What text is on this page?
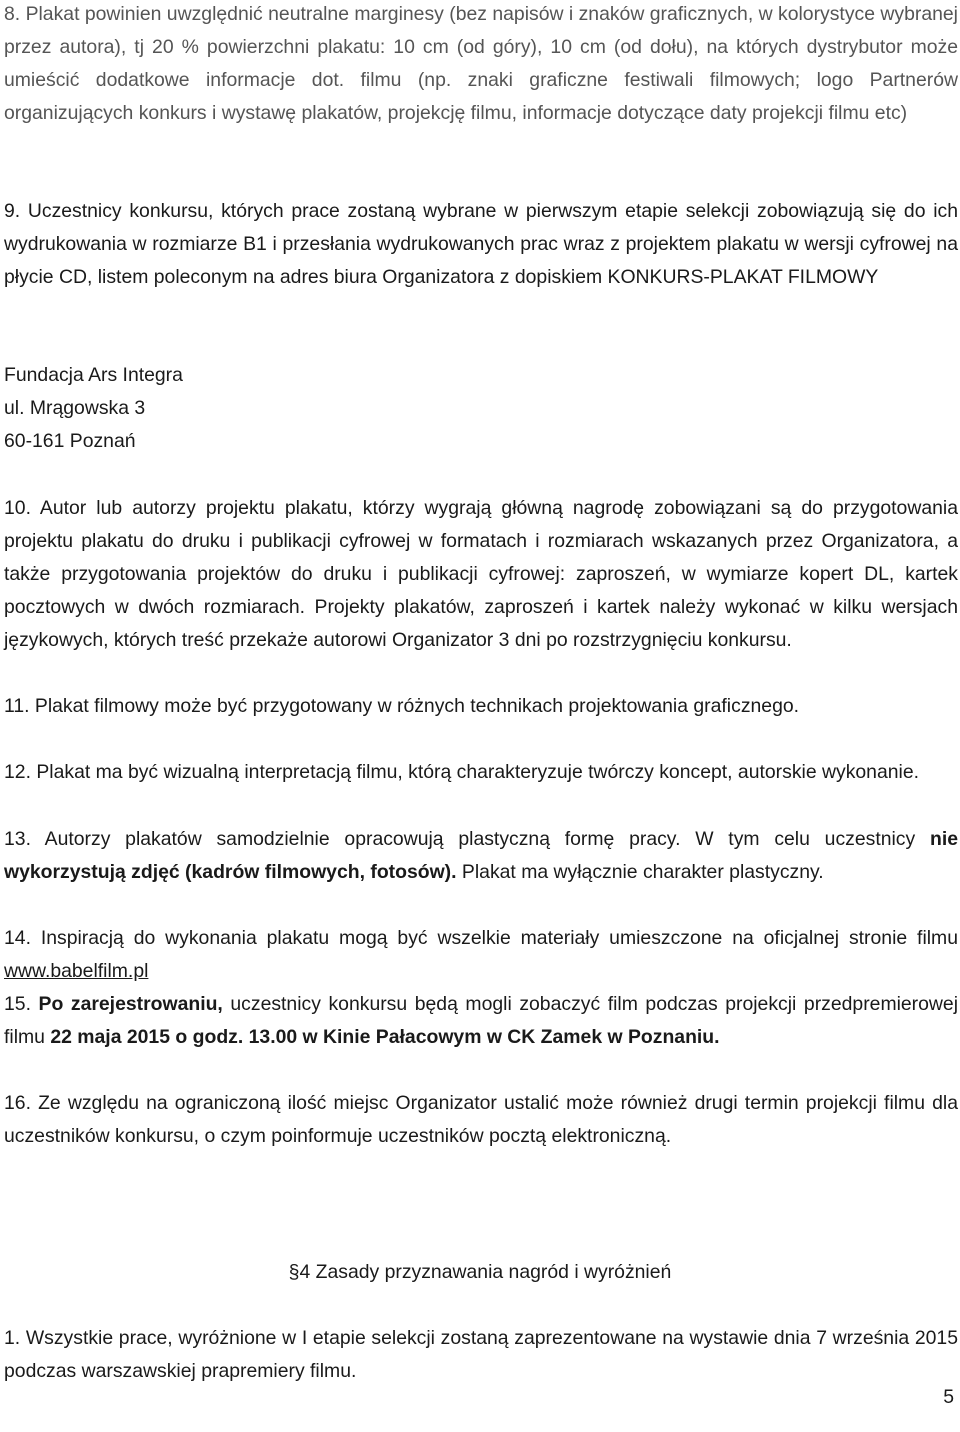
8. Plakat powinien uwzględnić neutralne marginesy (bez napisów i znaków graficznych, w kolorystyce wybranej przez autora), tj 20 % powierzchni plakatu: 10 cm (od góry), 10 cm (od dołu), na których dystrybutor może umieścić dodatkowe informacje dot. filmu (np. znaki graficzne festiwali filmowych; logo Partnerów organizujących konkurs i wystawę plakatów, projekcję filmu, informacje dotyczące daty projekcji filmu etc)
9. Uczestnicy konkursu, których prace zostaną wybrane w pierwszym etapie selekcji zobowiązują się do ich wydrukowania w rozmiarze B1 i przesłania wydrukowanych prac wraz z projektem plakatu w wersji cyfrowej na płycie CD, listem poleconym na adres biura Organizatora z dopiskiem KONKURS-PLAKAT FILMOWY
Fundacja Ars Integra
ul. Mrągowska 3
60-161 Poznań
10. Autor lub autorzy projektu plakatu, którzy wygrają główną nagrodę zobowiązani są do przygotowania projektu plakatu do druku i publikacji cyfrowej w formatach i rozmiarach wskazanych przez Organizatora, a także przygotowania projektów do druku i publikacji cyfrowej: zaproszeń, w wymiarze kopert DL, kartek pocztowych w dwóch rozmiarach. Projekty plakatów, zaproszeń i kartek należy wykonać w kilku wersjach językowych, których treść przekaże autorowi Organizator 3 dni po rozstrzygnięciu konkursu.
11. Plakat filmowy może być przygotowany w różnych technikach projektowania graficznego.
12. Plakat ma być wizualną interpretacją filmu, którą charakteryzuje twórczy koncept, autorskie wykonanie.
13. Autorzy plakatów samodzielnie opracowują plastyczną formę pracy. W tym celu uczestnicy nie wykorzystują zdjęć (kadrów filmowych, fotosów). Plakat ma wyłącznie charakter plastyczny.
14. Inspiracją do wykonania plakatu mogą być wszelkie materiały umieszczone na oficjalnej stronie filmu www.babelfilm.pl
15. Po zarejestrowaniu, uczestnicy konkursu będą mogli zobaczyć film podczas projekcji przedpremierowej filmu 22 maja 2015 o godz. 13.00 w Kinie Pałacowym w CK Zamek w Poznaniu.
16. Ze względu na ograniczoną ilość miejsc Organizator ustalić może również drugi termin projekcji filmu dla uczestników konkursu, o czym poinformuje uczestników pocztą elektroniczną.
§4 Zasady przyznawania nagród i wyróżnień
1. Wszystkie prace, wyróżnione w I etapie selekcji zostaną zaprezentowane na wystawie dnia 7 września 2015 podczas warszawskiej prapremiery filmu.
5
